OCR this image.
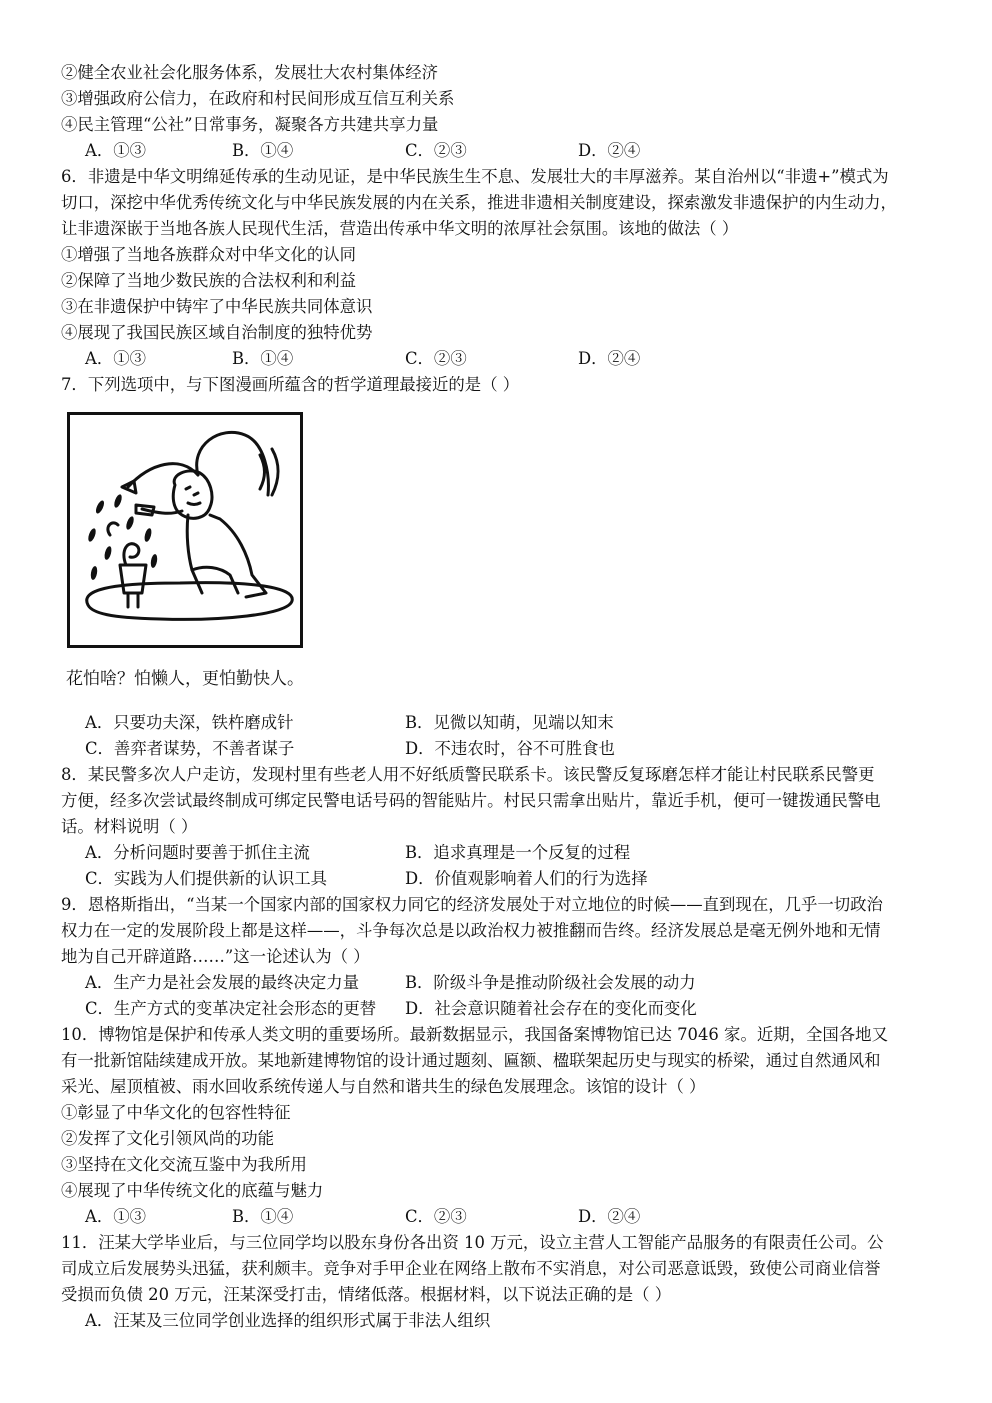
②健全农业社会化服务体系，发展壮大农村集体经济
③增强政府公信力，在政府和村民间形成互信互利关系
④民主管理“公社”日常事务，凝聚各方共建共享力量
A．①③	B．①④	C．②③	D．②④
6．非遗是中华文明绵延传承的生动见证，是中华民族生生不息、发展壮大的丰厚滋养。某自治州以“非遗+”模式为
切口，深挖中华优秀传统文化与中华民族发展的内在关系，推进非遗相关制度建设，探索激发非遗保护的内生动力，
让非遗深嵌于当地各族人民现代生活，营造出传承中华文明的浓厚社会氛围。该地的做法（ ）
①增强了当地各族群众对中华文化的认同
②保障了当地少数民族的合法权利和利益
③在非遗保护中铸牢了中华民族共同体意识
④展现了我国民族区域自治制度的独特优势
A．①③	B．①④	C．②③	D．②④
7．下列选项中，与下图漫画所蕴含的哲学道理最接近的是（ ）
花怕啥？怕懒人，更怕勤快人。
A．只要功夫深，铁杵磨成针	B．见微以知萌，见端以知末
C．善弈者谋势，不善者谋子	D．不违农时，谷不可胜食也
8．某民警多次人户走访，发现村里有些老人用不好纸质警民联系卡。该民警反复琢磨怎样才能让村民联系民警更
方便，经多次尝试最终制成可绑定民警电话号码的智能贴片。村民只需拿出贴片，靠近手机，便可一键拨通民警电
话。材料说明（ ）
A．分析问题时要善于抓住主流	B．追求真理是一个反复的过程
C．实践为人们提供新的认识工具	D．价值观影响着人们的行为选择
9．恩格斯指出，“当某一个国家内部的国家权力同它的经济发展处于对立地位的时候——直到现在，几乎一切政治
权力在一定的发展阶段上都是这样——，斗争每次总是以政治权力被推翻而告终。经济发展总是毫无例外地和无情
地为自己开辟道路……”这一论述认为（ ）
A．生产力是社会发展的最终决定力量	B．阶级斗争是推动阶级社会发展的动力
C．生产方式的变革决定社会形态的更替 D．社会意识随着社会存在的变化而变化
10．博物馆是保护和传承人类文明的重要场所。最新数据显示，我国备案博物馆已达 7046 家。近期，全国各地又
有一批新馆陆续建成开放。某地新建博物馆的设计通过题刻、匾额、楹联架起历史与现实的桥梁，通过自然通风和
采光、屋顶植被、雨水回收系统传递人与自然和谐共生的绿色发展理念。该馆的设计（ ）
①彰显了中华文化的包容性特征
②发挥了文化引领风尚的功能
③坚持在文化交流互鉴中为我所用
④展现了中华传统文化的底蕴与魅力
A．①③	B．①④	C．②③	D．②④
11．汪某大学毕业后，与三位同学均以股东身份各出资 10 万元，设立主营人工智能产品服务的有限责任公司。公
司成立后发展势头迅猛，获利颇丰。竞争对手甲企业在网络上散布不实消息，对公司恶意诋毁，致使公司商业信誉
受损而负债 20 万元，汪某深受打击，情绪低落。根据材料，以下说法正确的是（ ）
A．汪某及三位同学创业选择的组织形式属于非法人组织
